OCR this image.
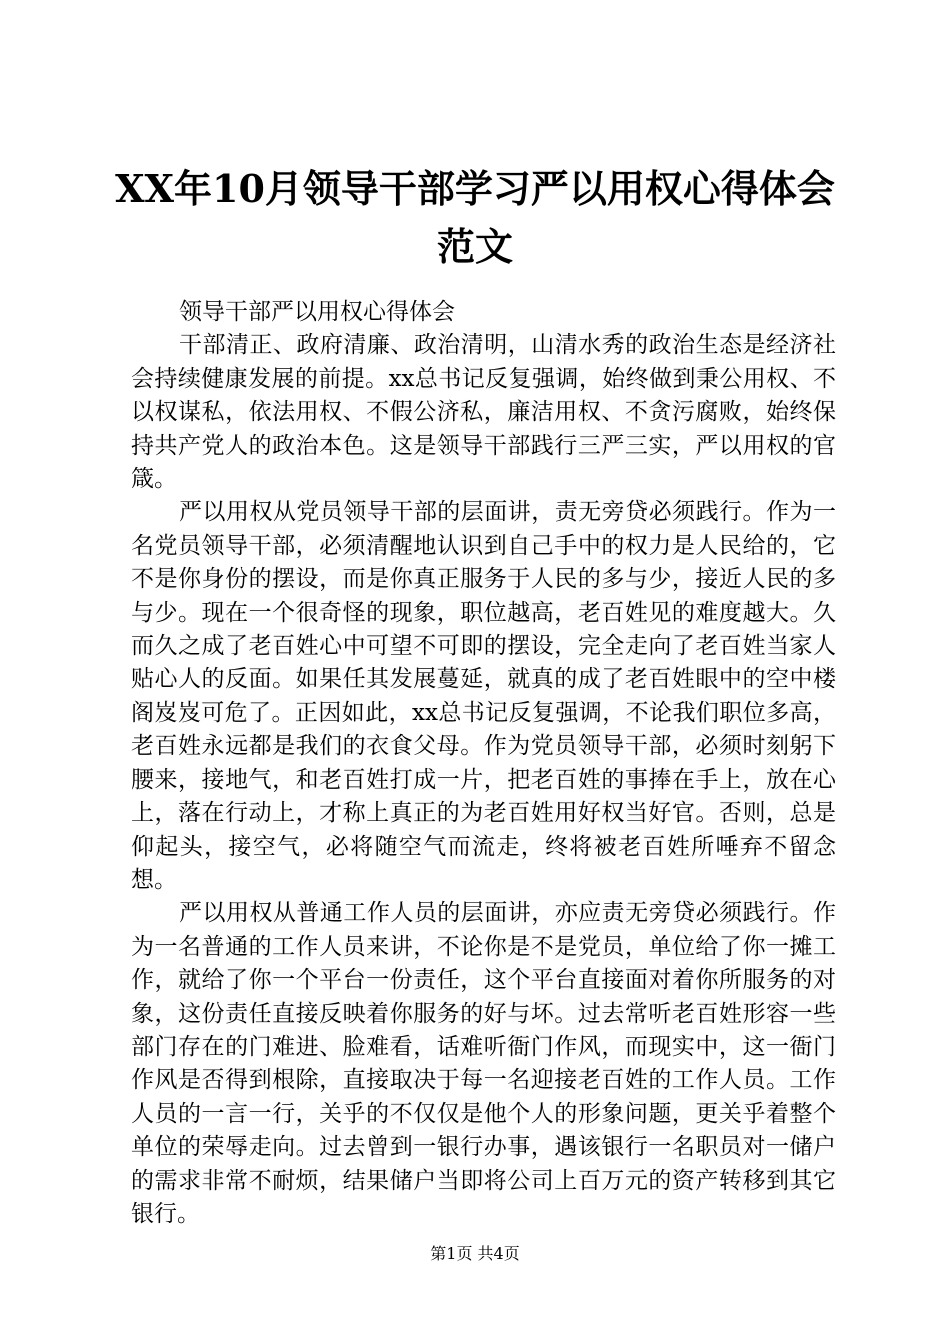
XX年10月领导干部学习严以用权心得体会范文

领导干部严以用权心得体会

干部清正、政府清廉、政治清明，山清水秀的政治生态是经济社会持续健康发展的前提。xx总书记反复强调，始终做到秉公用权、不以权谋私，依法用权、不假公济私，廉洁用权、不贪污腐败，始终保持共产党人的政治本色。这是领导干部践行三严三实，严以用权的官箴。

严以用权从党员领导干部的层面讲，责无旁贷必须践行。作为一名党员领导干部，必须清醒地认识到自己手中的权力是人民给的，它不是你身份的摆设，而是你真正服务于人民的多与少，接近人民的多与少。现在一个很奇怪的现象，职位越高，老百姓见的难度越大。久而久之成了老百姓心中可望不可即的摆设，完全走向了老百姓当家人贴心人的反面。如果任其发展蔓延，就真的成了老百姓眼中的空中楼阁岌岌可危了。正因如此，xx总书记反复强调，不论我们职位多高，老百姓永远都是我们的衣食父母。作为党员领导干部，必须时刻躬下腰来，接地气，和老百姓打成一片，把老百姓的事捧在手上，放在心上，落在行动上，才称上真正的为老百姓用好权当好官。否则，总是仰起头，接空气，必将随空气而流走，终将被老百姓所唾弃不留念想。

严以用权从普通工作人员的层面讲，亦应责无旁贷必须践行。作为一名普通的工作人员来讲，不论你是不是党员，单位给了你一摊工作，就给了你一个平台一份责任，这个平台直接面对着你所服务的对象，这份责任直接反映着你服务的好与坏。过去常听老百姓形容一些部门存在的门难进、脸难看，话难听衙门作风，而现实中，这一衙门作风是否得到根除，直接取决于每一名迎接老百姓的工作人员。工作人员的一言一行，关乎的不仅仅是他个人的形象问题，更关乎着整个单位的荣辱走向。过去曾到一银行办事，遇该银行一名职员对一储户的需求非常不耐烦，结果储户当即将公司上百万元的资产转移到其它银行。

第1页 共4页
